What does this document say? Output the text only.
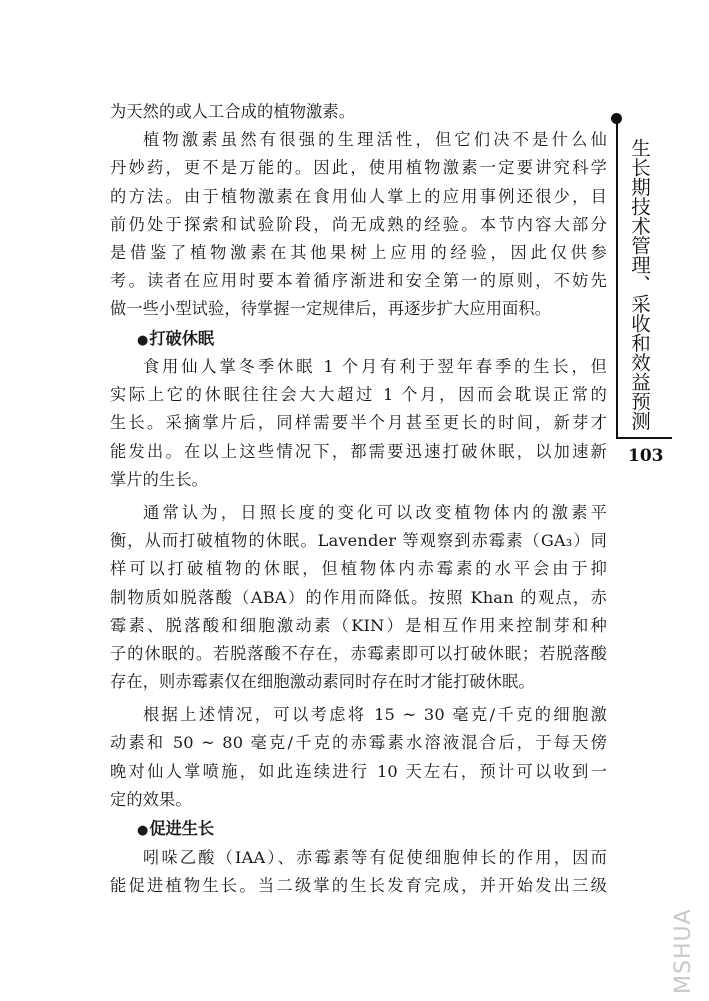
为天然的或人工合成的植物激素。
植物激素虽然有很强的生理活性，但它们决不是什么仙
丹妙药，更不是万能的。因此，使用植物激素一定要讲究科学
的方法。由于植物激素在食用仙人掌上的应用事例还很少，目
前仍处于探索和试验阶段，尚无成熟的经验。本节内容大部分
是借鉴了植物激素在其他果树上应用的经验，因此仅供参
考。读者在应用时要本着循序渐进和安全第一的原则，不妨先
做一些小型试验，待掌握一定规律后，再逐步扩大应用面积。
●打破休眠
食用仙人掌冬季休眠 1 个月有利于翌年春季的生长，但
实际上它的休眠往往会大大超过 1 个月，因而会耽误正常的
生长。采摘掌片后，同样需要半个月甚至更长的时间，新芽才
能发出。在以上这些情况下，都需要迅速打破休眠，以加速新
掌片的生长。
通常认为，日照长度的变化可以改变植物体内的激素平
衡，从而打破植物的休眠。Lavender 等观察到赤霉素（GA₃）同
样可以打破植物的休眠，但植物体内赤霉素的水平会由于抑
制物质如脱落酸（ABA）的作用而降低。按照 Khan 的观点，赤
霉素、脱落酸和细胞激动素（KIN）是相互作用来控制芽和种
子的休眠的。若脱落酸不存在，赤霉素即可以打破休眠；若脱落酸
存在，则赤霉素仅在细胞激动素同时存在时才能打破休眠。
根据上述情况，可以考虑将 15 ~ 30 毫克/千克的细胞激
动素和 50 ~ 80 毫克/千克的赤霉素水溶液混合后，于每天傍
晚对仙人掌喷施，如此连续进行 10 天左右，预计可以收到一
定的效果。
●促进生长
吲哚乙酸（IAA）、赤霉素等有促使细胞伸长的作用，因而
能促进植物生长。当二级掌的生长发育完成，并开始发出三级
生长期技术管理、采收和效益预测
103
MSHUA
